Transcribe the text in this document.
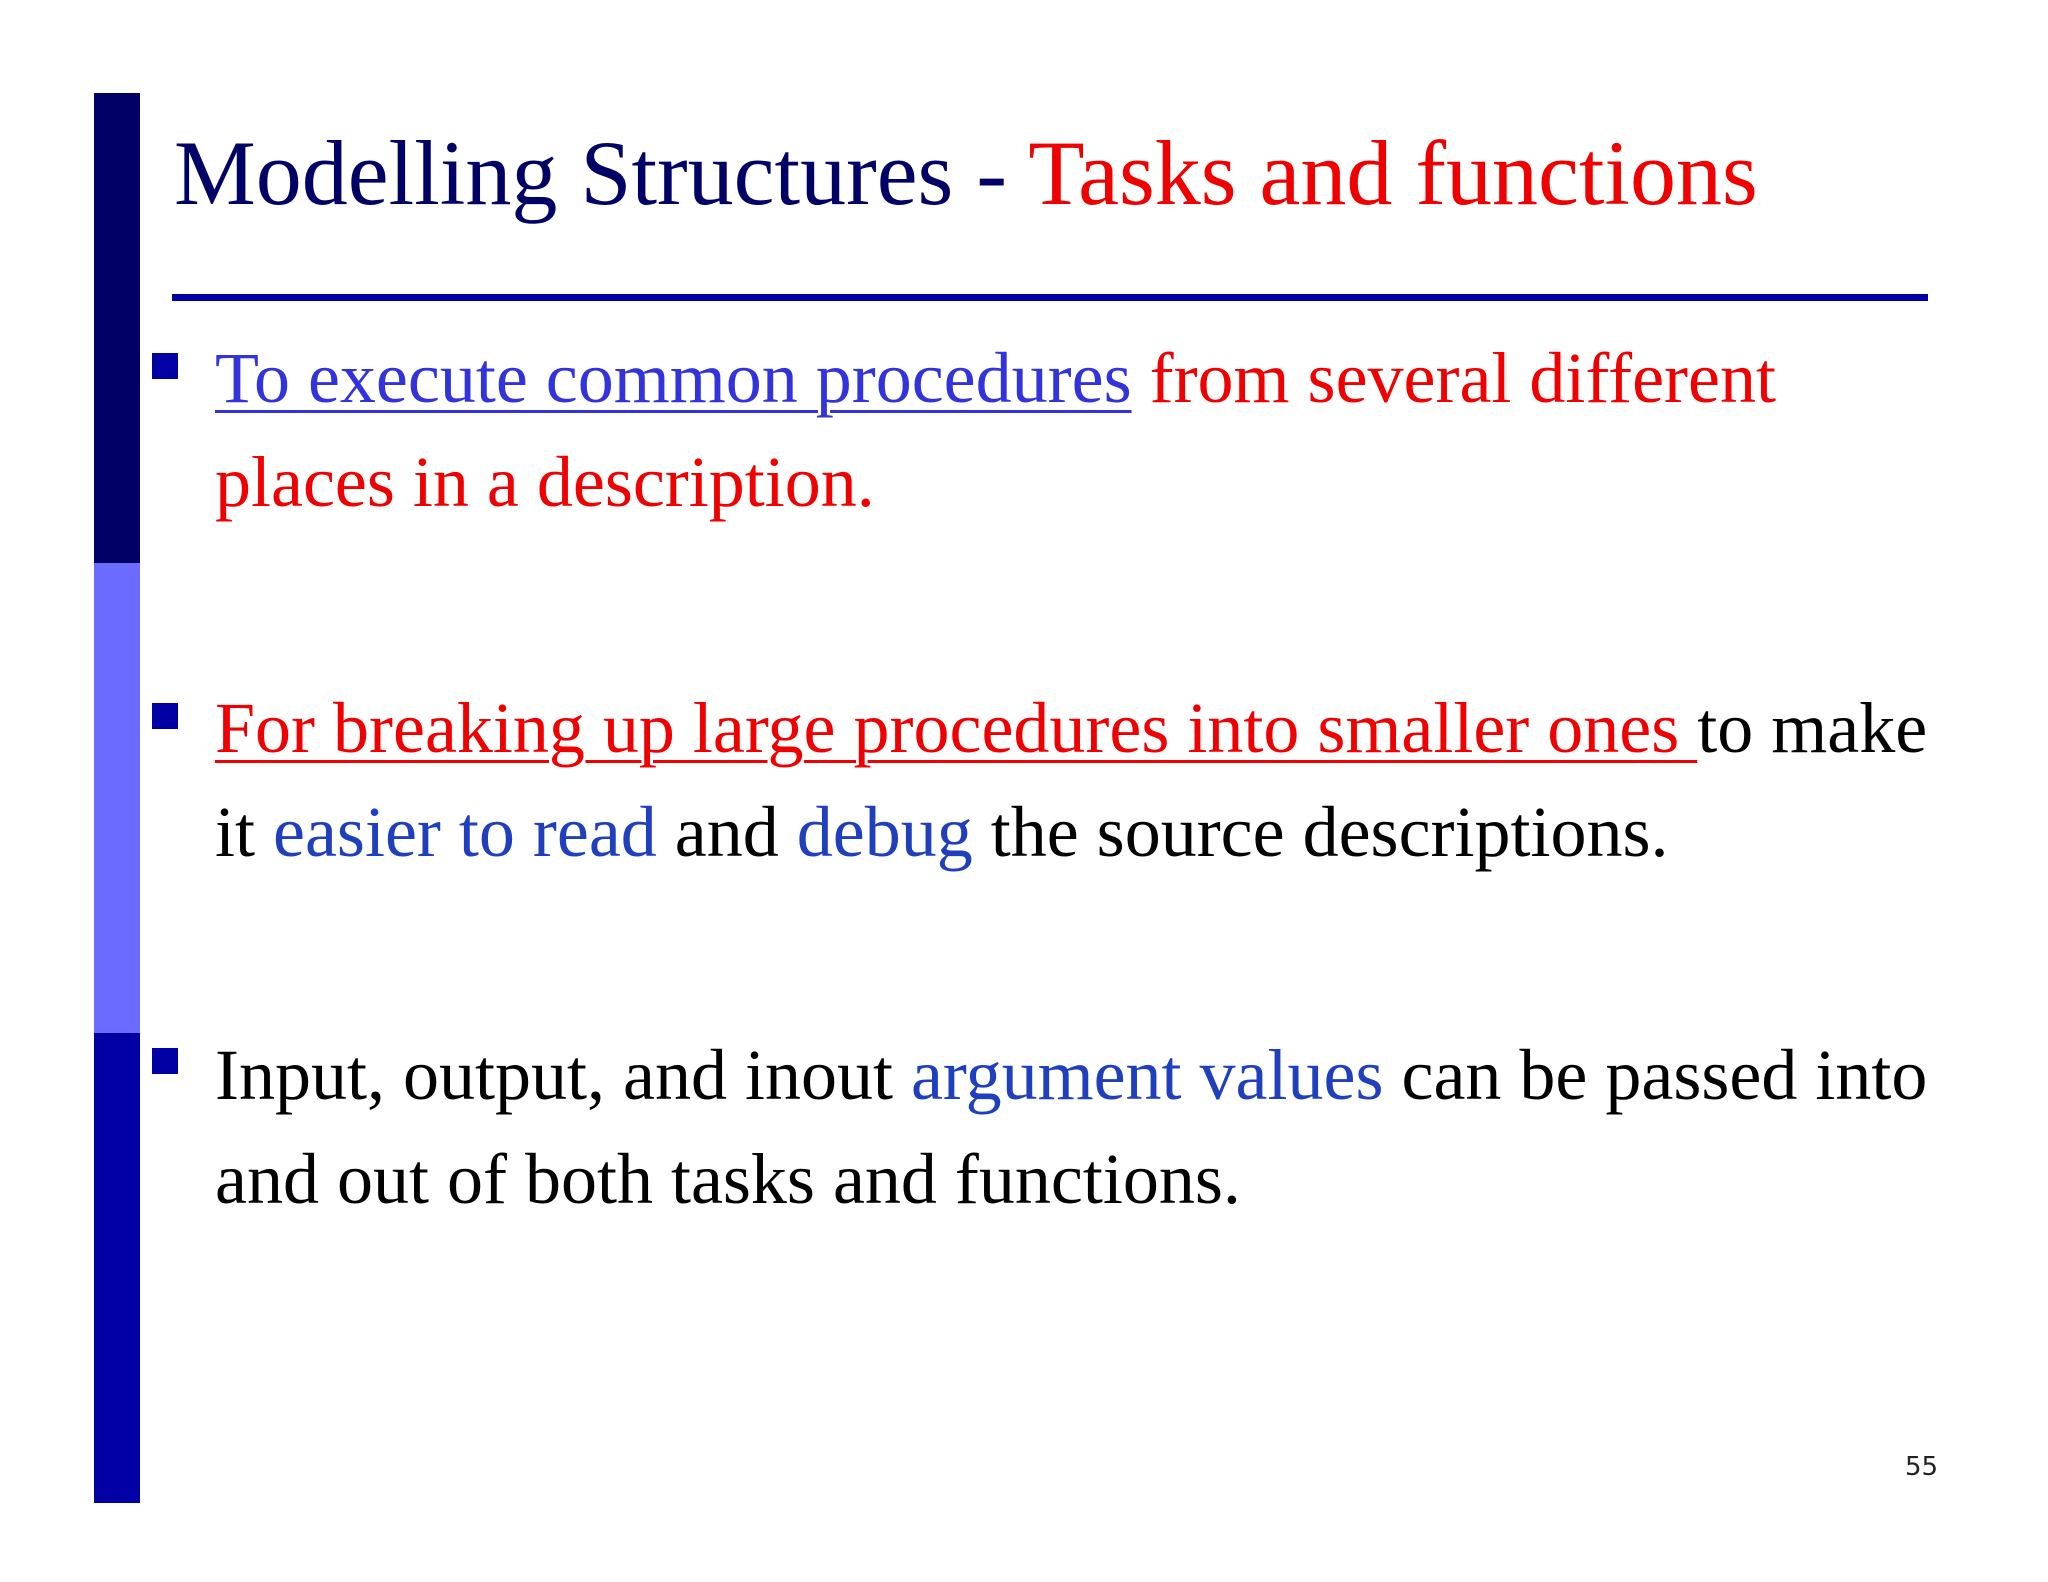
Modelling Structures - Tasks and functions

To execute common procedures from several different places in a description.

For breaking up large procedures into smaller ones to make it easier to read and debug the source descriptions.

Input, output, and inout argument values can be passed into and out of both tasks and functions.

55
